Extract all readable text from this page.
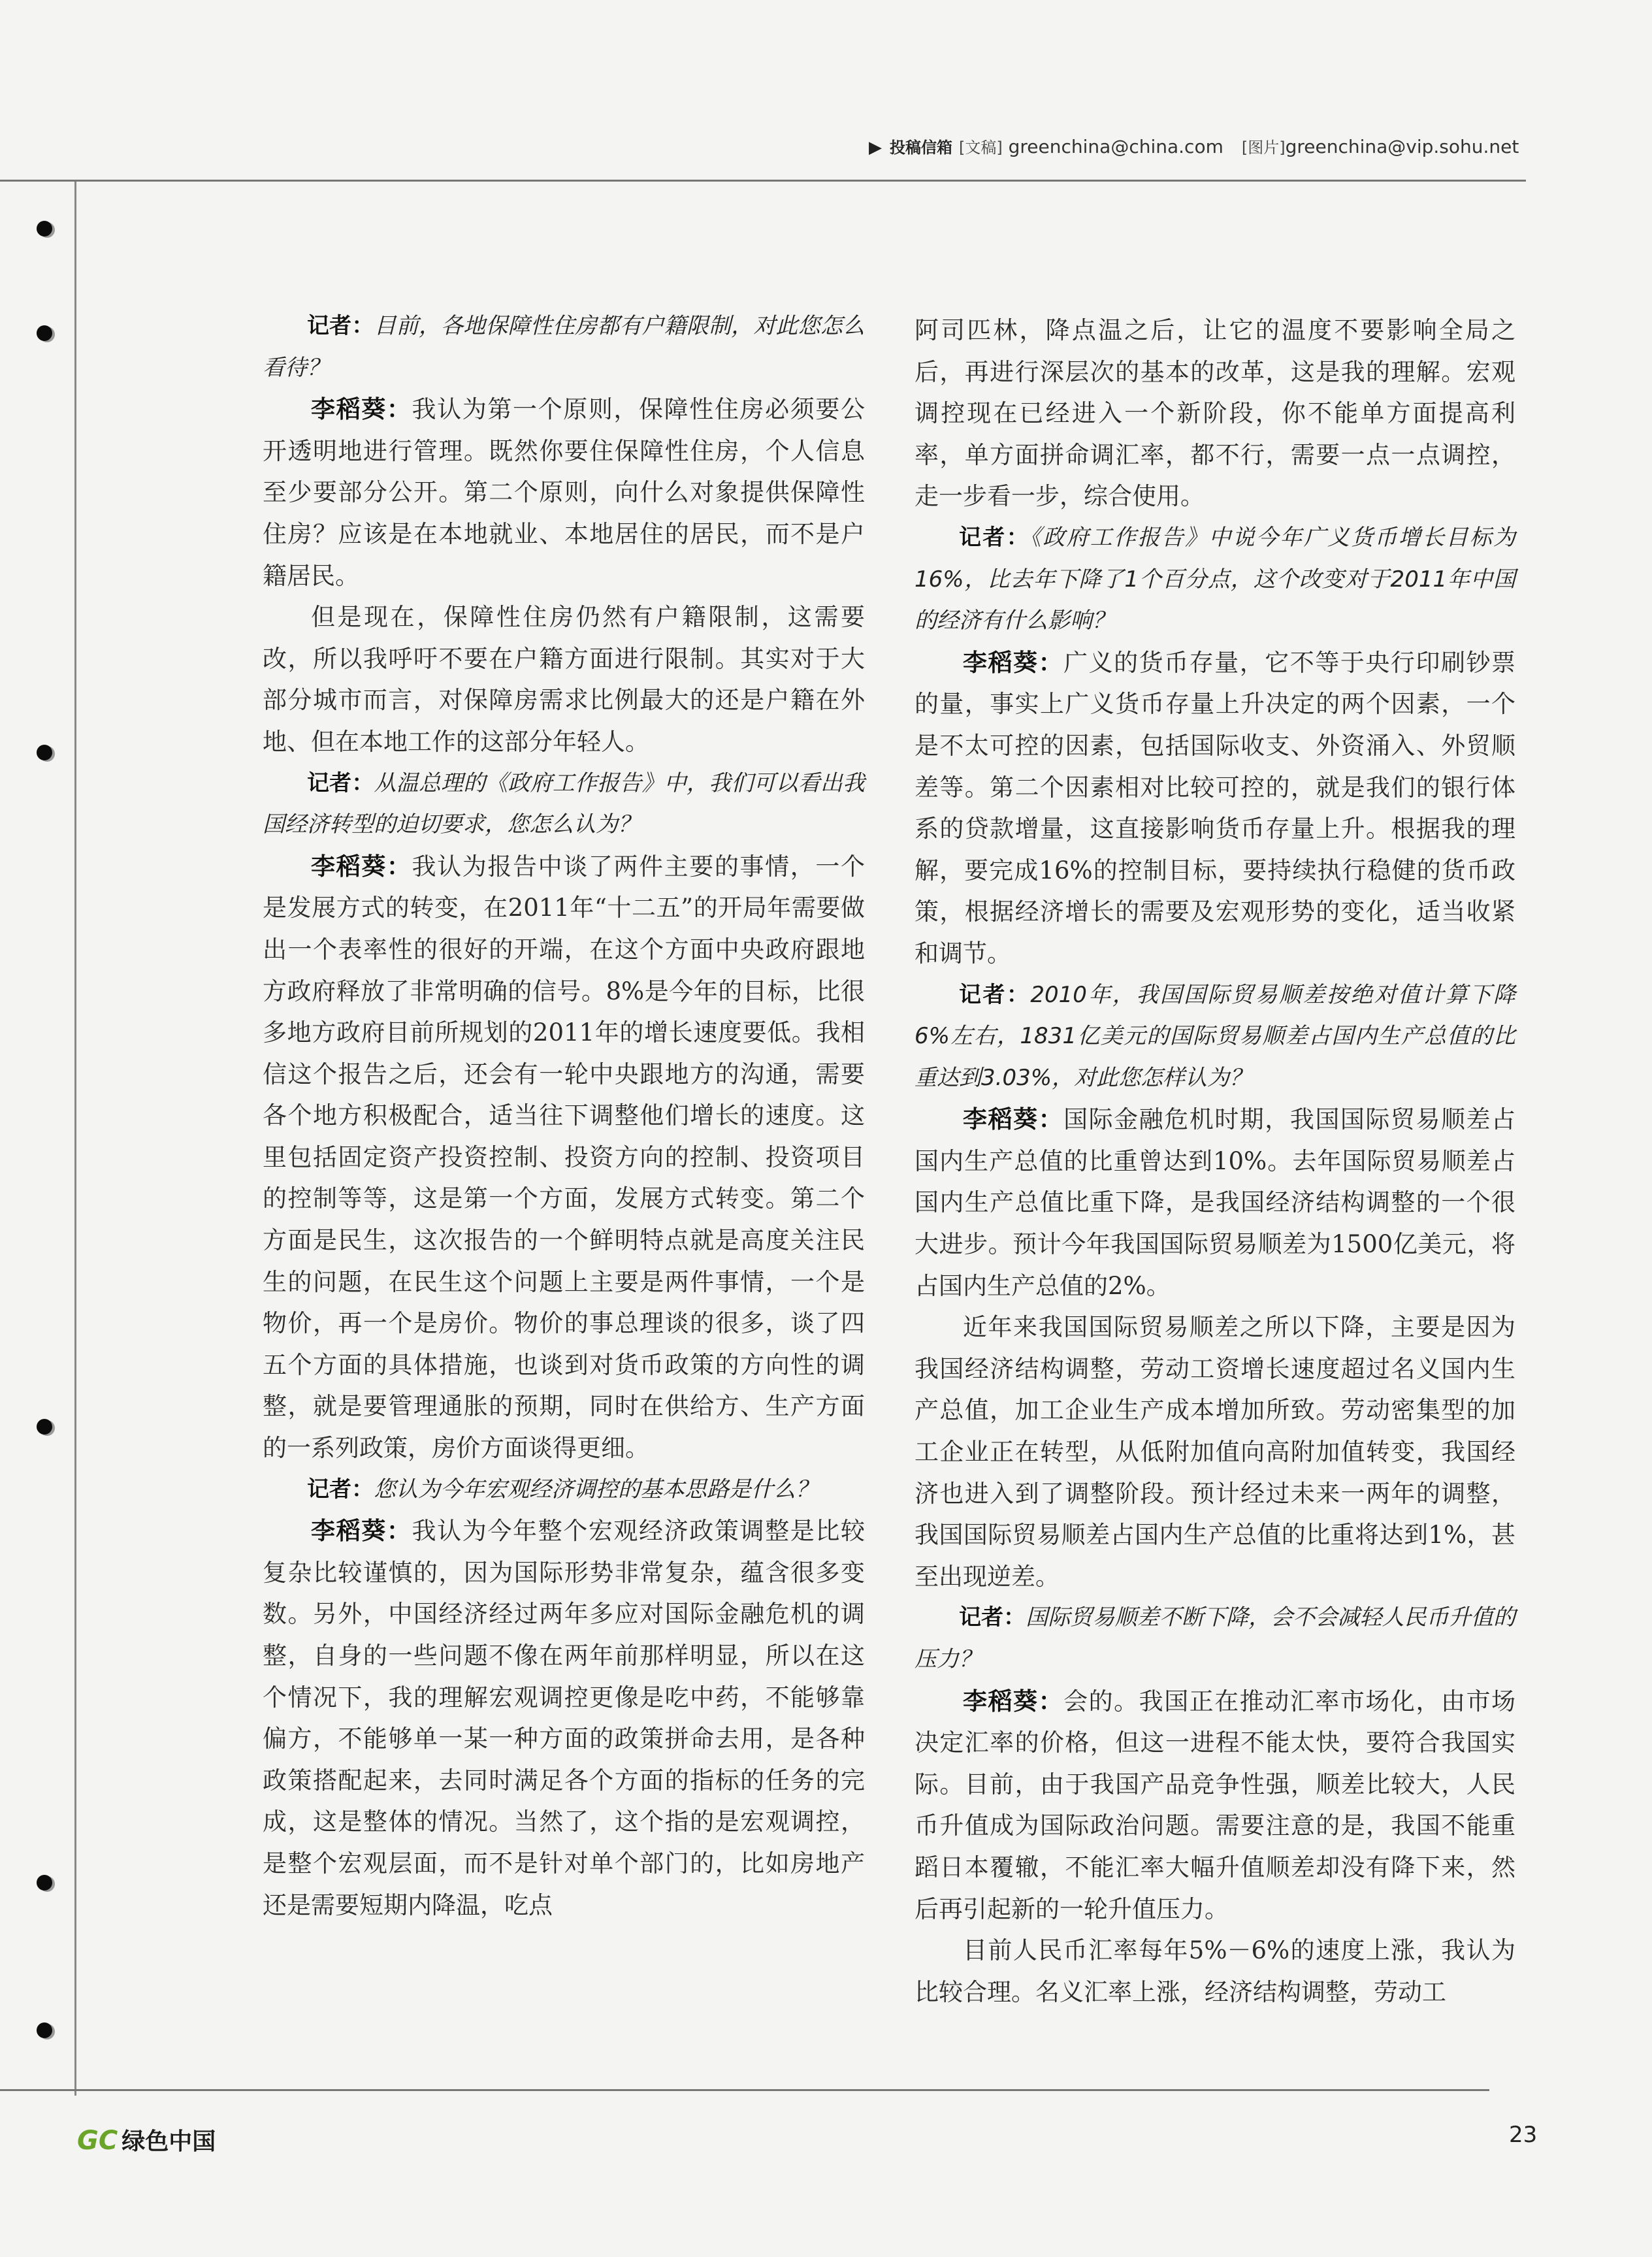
▶ 投稿信箱 [文稿] greenchina@china.com [图片]greenchina@vip.sohu.net

记者：目前，各地保障性住房都有户籍限制，对此您怎么看待？

李稻葵：我认为第一个原则，保障性住房必须要公开透明地进行管理。既然你要住保障性住房，个人信息至少要部分公开。第二个原则，向什么对象提供保障性住房？应该是在本地就业、本地居住的居民，而不是户籍居民。

但是现在，保障性住房仍然有户籍限制，这需要改，所以我呼吁不要在户籍方面进行限制。其实对于大部分城市而言，对保障房需求比例最大的还是户籍在外地、但在本地工作的这部分年轻人。

记者：从温总理的《政府工作报告》中，我们可以看出我国经济转型的迫切要求，您怎么认为？

李稻葵：我认为报告中谈了两件主要的事情，一个是发展方式的转变，在2011年“十二五”的开局年需要做出一个表率性的很好的开端，在这个方面中央政府跟地方政府释放了非常明确的信号。8%是今年的目标，比很多地方政府目前所规划的2011年的增长速度要低。我相信这个报告之后，还会有一轮中央跟地方的沟通，需要各个地方积极配合，适当往下调整他们增长的速度。这里包括固定资产投资控制、投资方向的控制、投资项目的控制等等，这是第一个方面，发展方式转变。第二个方面是民生，这次报告的一个鲜明特点就是高度关注民生的问题，在民生这个问题上主要是两件事情，一个是物价，再一个是房价。物价的事总理谈的很多，谈了四五个方面的具体措施，也谈到对货币政策的方向性的调整，就是要管理通胀的预期，同时在供给方、生产方面的一系列政策，房价方面谈得更细。

记者：您认为今年宏观经济调控的基本思路是什么？

李稻葵：我认为今年整个宏观经济政策调整是比较复杂比较谨慎的，因为国际形势非常复杂，蕴含很多变数。另外，中国经济经过两年多应对国际金融危机的调整，自身的一些问题不像在两年前那样明显，所以在这个情况下，我的理解宏观调控更像是吃中药，不能够靠偏方，不能够单一某一种方面的政策拼命去用，是各种政策搭配起来，去同时满足各个方面的指标的任务的完成，这是整体的情况。当然了，这个指的是宏观调控，是整个宏观层面，而不是针对单个部门的，比如房地产还是需要短期内降温，吃点

阿司匹林，降点温之后，让它的温度不要影响全局之后，再进行深层次的基本的改革，这是我的理解。宏观调控现在已经进入一个新阶段，你不能单方面提高利率，单方面拼命调汇率，都不行，需要一点一点调控，走一步看一步，综合使用。

记者：《政府工作报告》中说今年广义货币增长目标为16%，比去年下降了1个百分点，这个改变对于2011年中国的经济有什么影响？

李稻葵：广义的货币存量，它不等于央行印刷钞票的量，事实上广义货币存量上升决定的两个因素，一个是不太可控的因素，包括国际收支、外资涌入、外贸顺差等。第二个因素相对比较可控的，就是我们的银行体系的贷款增量，这直接影响货币存量上升。根据我的理解，要完成16%的控制目标，要持续执行稳健的货币政策，根据经济增长的需要及宏观形势的变化，适当收紧和调节。

记者：2010年，我国国际贸易顺差按绝对值计算下降6%左右，1831亿美元的国际贸易顺差占国内生产总值的比重达到3.03%，对此您怎样认为？

李稻葵：国际金融危机时期，我国国际贸易顺差占国内生产总值的比重曾达到10%。去年国际贸易顺差占国内生产总值比重下降，是我国经济结构调整的一个很大进步。预计今年我国国际贸易顺差为1500亿美元，将占国内生产总值的2%。

近年来我国国际贸易顺差之所以下降，主要是因为我国经济结构调整，劳动工资增长速度超过名义国内生产总值，加工企业生产成本增加所致。劳动密集型的加工企业正在转型，从低附加值向高附加值转变，我国经济也进入到了调整阶段。预计经过未来一两年的调整，我国国际贸易顺差占国内生产总值的比重将达到1%，甚至出现逆差。

记者：国际贸易顺差不断下降，会不会减轻人民币升值的压力？

李稻葵：会的。我国正在推动汇率市场化，由市场决定汇率的价格，但这一进程不能太快，要符合我国实际。目前，由于我国产品竞争性强，顺差比较大，人民币升值成为国际政治问题。需要注意的是，我国不能重蹈日本覆辙，不能汇率大幅升值顺差却没有降下来，然后再引起新的一轮升值压力。

目前人民币汇率每年5%－6%的速度上涨，我认为比较合理。名义汇率上涨，经济结构调整，劳动工

GC 绿色中国	23
